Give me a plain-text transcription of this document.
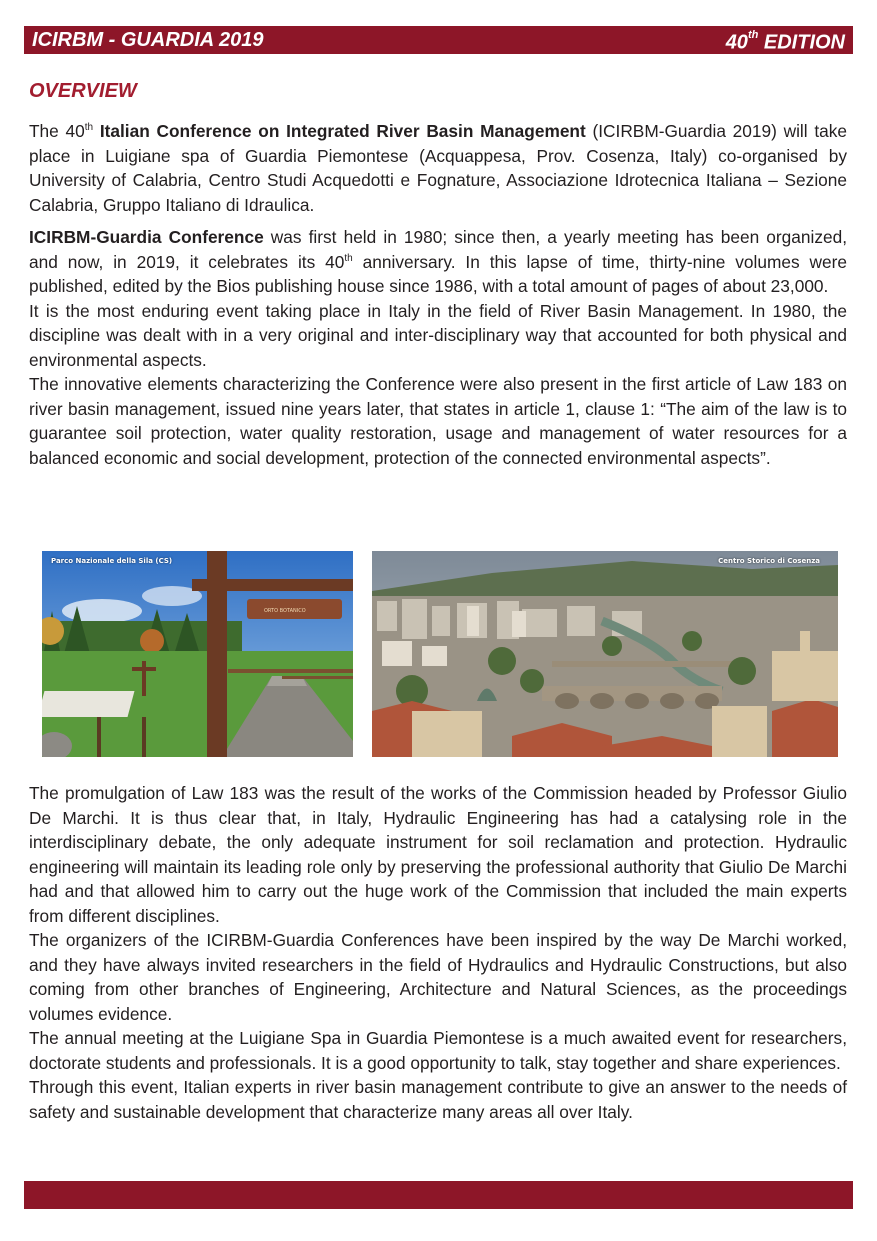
ICIRBM - GUARDIA 2019	40th EDITION
OVERVIEW

The 40th Italian Conference on Integrated River Basin Management (ICIRBM-Guardia 2019) will take place in Luigiane spa of Guardia Piemontese (Acquappesa, Prov. Cosenza, Italy) co-organised by University of Calabria, Centro Studi Acquedotti e Fognature, Associazione Idrotecnica Italiana – Sezione Calabria, Gruppo Italiano di Idraulica.

ICIRBM-Guardia Conference was first held in 1980; since then, a yearly meeting has been organized, and now, in 2019, it celebrates its 40th anniversary. In this lapse of time, thirty-nine volumes were published, edited by the Bios publishing house since 1986, with a total amount of pages of about 23,000.

It is the most enduring event taking place in Italy in the field of River Basin Management. In 1980, the discipline was dealt with in a very original and inter-disciplinary way that accounted for both physical and environmental aspects.

The innovative elements characterizing the Conference were also present in the first article of Law 183 on river basin management, issued nine years later, that states in article 1, clause 1: “The aim of the law is to guarantee soil protection, water quality restoration, usage and management of water resources for a balanced economic and social development, protection of the connected environmental aspects”.

ORTO BOTANICO
Parco Nazionale della Sila (CS)	Centro Storico di Cosenza

The promulgation of Law 183 was the result of the works of the Commission headed by Professor Giulio De Marchi. It is thus clear that, in Italy, Hydraulic Engineering has had a catalysing role in the interdisciplinary debate, the only adequate instrument for soil reclamation and protection. Hydraulic engineering will maintain its leading role only by preserving the professional authority that Giulio De Marchi had and that allowed him to carry out the huge work of the Commission that included the main experts from different disciplines.

The organizers of the ICIRBM-Guardia Conferences have been inspired by the way De Marchi worked, and they have always invited researchers in the field of Hydraulics and Hydraulic Constructions, but also coming from other branches of Engineering, Architecture and Natural Sciences, as the proceedings volumes evidence.

The annual meeting at the Luigiane Spa in Guardia Piemontese is a much awaited event for researchers, doctorate students and professionals. It is a good opportunity to talk, stay together and share experiences.

Through this event, Italian experts in river basin management contribute to give an answer to the needs of safety and sustainable development that characterize many areas all over Italy.
